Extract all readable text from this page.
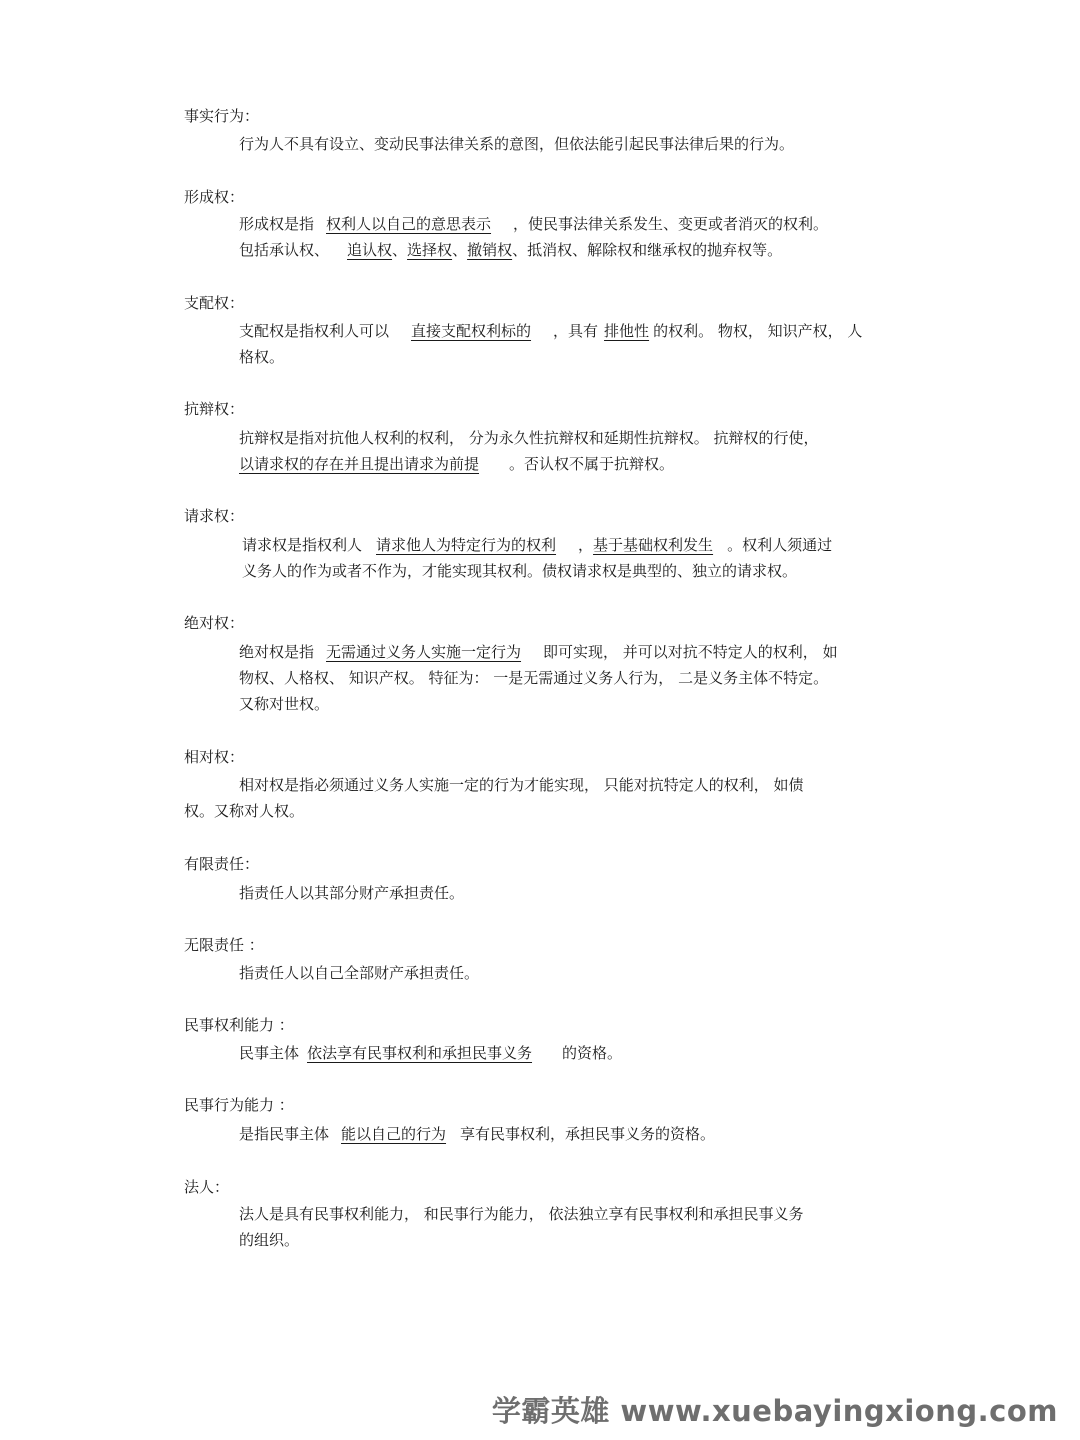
事实行为：
行为人不具有设立、变动民事法律关系的意图，但依法能引起民事法律后果的行为。
形成权：
形成权是指 权利人以自己的意思表示 ，使民事法律关系发生、变更或者消灭的权利。
包括承认权、 追认权、选择权、撤销权、抵消权、解除权和继承权的抛弃权等。
支配权：
支配权是指权利人可以 直接支配权利标的 ，具有 排他性 的权利。 物权， 知识产权， 人
格权。
抗辩权：
抗辩权是指对抗他人权利的权利， 分为永久性抗辩权和延期性抗辩权。 抗辩权的行使，
以请求权的存在并且提出请求为前提 。否认权不属于抗辩权。
请求权：
请求权是指权利人 请求他人为特定行为的权利 ，基于基础权利发生 。权利人须通过
义务人的作为或者不作为，才能实现其权利。债权请求权是典型的、独立的请求权。
绝对权：
绝对权是指 无需通过义务人实施一定行为 即可实现， 并可以对抗不特定人的权利， 如
物权、人格权、 知识产权。 特征为： 一是无需通过义务人行为， 二是义务主体不特定。
又称对世权。
相对权：
相对权是指必须通过义务人实施一定的行为才能实现， 只能对抗特定人的权利， 如债
权。又称对人权。
有限责任：
指责任人以其部分财产承担责任。
无限责任 ：
指责任人以自己全部财产承担责任。
民事权利能力 ：
民事主体 依法享有民事权利和承担民事义务 的资格。
民事行为能力 ：
是指民事主体 能以自己的行为 享有民事权利，承担民事义务的资格。
法人：
法人是具有民事权利能力， 和民事行为能力， 依法独立享有民事权利和承担民事义务
的组织。
学霸英雄 www.xuebayingxiong.com
